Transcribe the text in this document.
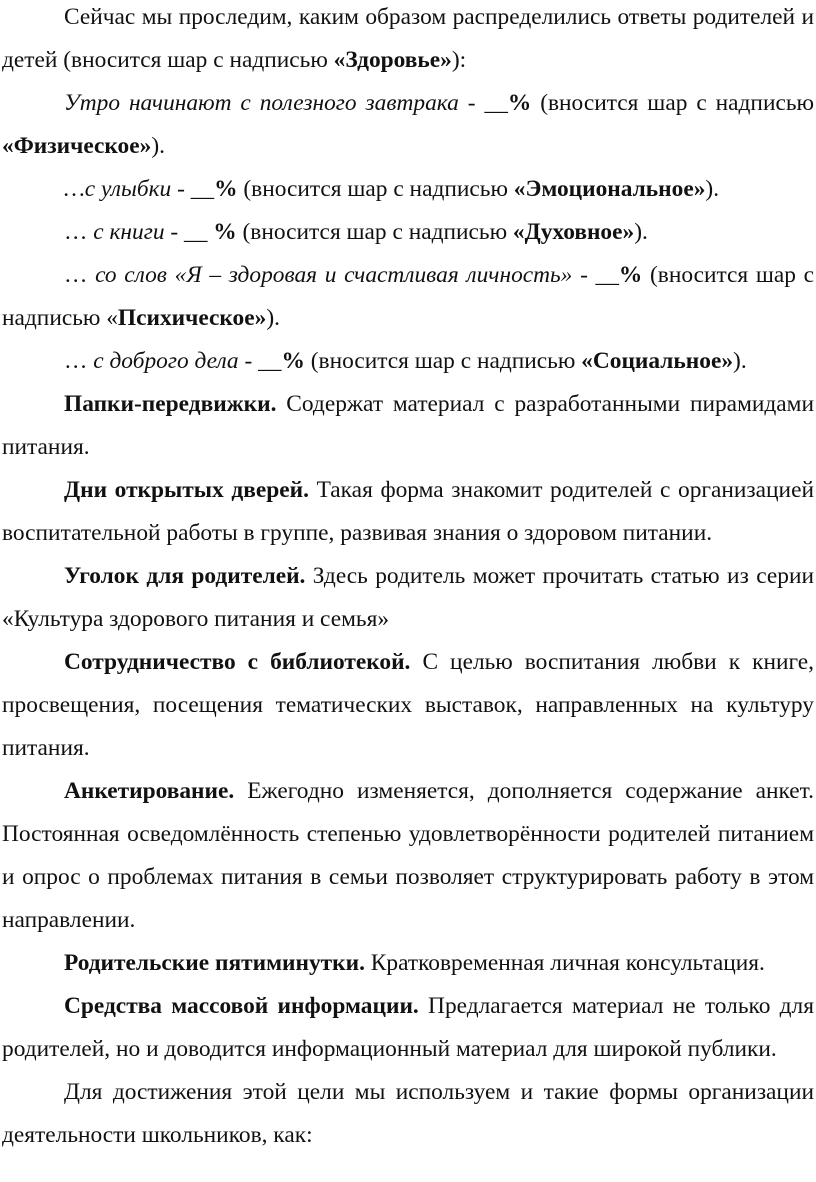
Сейчас мы проследим, каким образом распределились ответы родителей и детей (вносится шар с надписью «Здоровье»):

Утро начинают с полезного завтрака - __% (вносится шар с надписью «Физическое»).

…с улыбки - __% (вносится шар с надписью «Эмоциональное»).

… с книги - __ % (вносится шар с надписью «Духовное»).

… со слов «Я – здоровая и счастливая личность» - __% (вносится шар с надписью «Психическое»).

… с доброго дела - __% (вносится шар с надписью «Социальное»).

Папки-передвижки. Содержат материал с разработанными пирамидами питания.

Дни открытых дверей. Такая форма знакомит родителей с организацией воспитательной работы в группе, развивая знания о здоровом питании.

Уголок для родителей. Здесь родитель может прочитать статью из серии «Культура здорового питания и семья»

Сотрудничество с библиотекой. С целью воспитания любви к книге, просвещения, посещения тематических выставок, направленных на культуру питания.

Анкетирование. Ежегодно изменяется, дополняется содержание анкет. Постоянная осведомлённость степенью удовлетворённости родителей питанием и опрос о проблемах питания в семьи позволяет структурировать работу в этом направлении.

Родительские пятиминутки. Кратковременная личная консультация.

Средства массовой информации. Предлагается материал не только для родителей, но и доводится информационный материал для широкой публики.

Для достижения этой цели мы используем и такие формы организации деятельности школьников, как:
